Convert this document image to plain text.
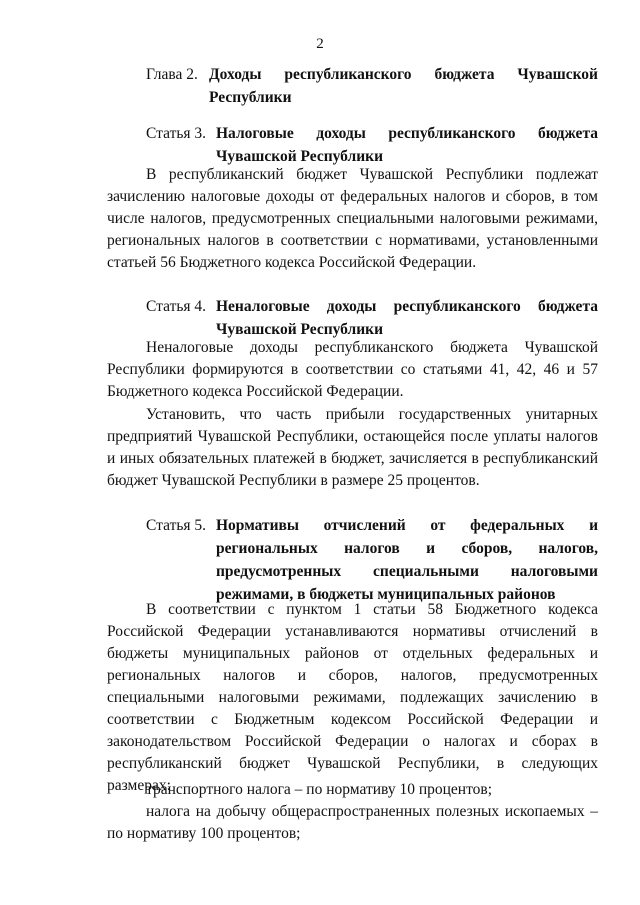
2
Глава 2. Доходы республиканского бюджета Чувашской Республики
Статья 3. Налоговые доходы республиканского бюджета Чувашской Республики

В республиканский бюджет Чувашской Республики подлежат зачислению налоговые доходы от федеральных налогов и сборов, в том числе налогов, предусмотренных специальными налоговыми режимами, региональных налогов в соответствии с нормативами, установленными статьей 56 Бюджетного кодекса Российской Федерации.

Статья 4. Неналоговые доходы республиканского бюджета Чувашской Республики

Неналоговые доходы республиканского бюджета Чувашской Республики формируются в соответствии со статьями 41, 42, 46 и 57 Бюджетного кодекса Российской Федерации.

Установить, что часть прибыли государственных унитарных предприятий Чувашской Республики, остающейся после уплаты налогов и иных обязательных платежей в бюджет, зачисляется в республиканский бюджет Чувашской Республики в размере 25 процентов.

Статья 5. Нормативы отчислений от федеральных и региональных налогов и сборов, налогов, предусмотренных специальными налоговыми режимами, в бюджеты муниципальных районов

В соответствии с пунктом 1 статьи 58 Бюджетного кодекса Российской Федерации устанавливаются нормативы отчислений в бюджеты муниципальных районов от отдельных федеральных и региональных налогов и сборов, налогов, предусмотренных специальными налоговыми режимами, подлежащих зачислению в соответствии с Бюджетным кодексом Российской Федерации и законодательством Российской Федерации о налогах и сборах в республиканский бюджет Чувашской Республики, в следующих размерах:

транспортного налога – по нормативу 10 процентов;

налога на добычу общераспространенных полезных ископаемых – по нормативу 100 процентов;
